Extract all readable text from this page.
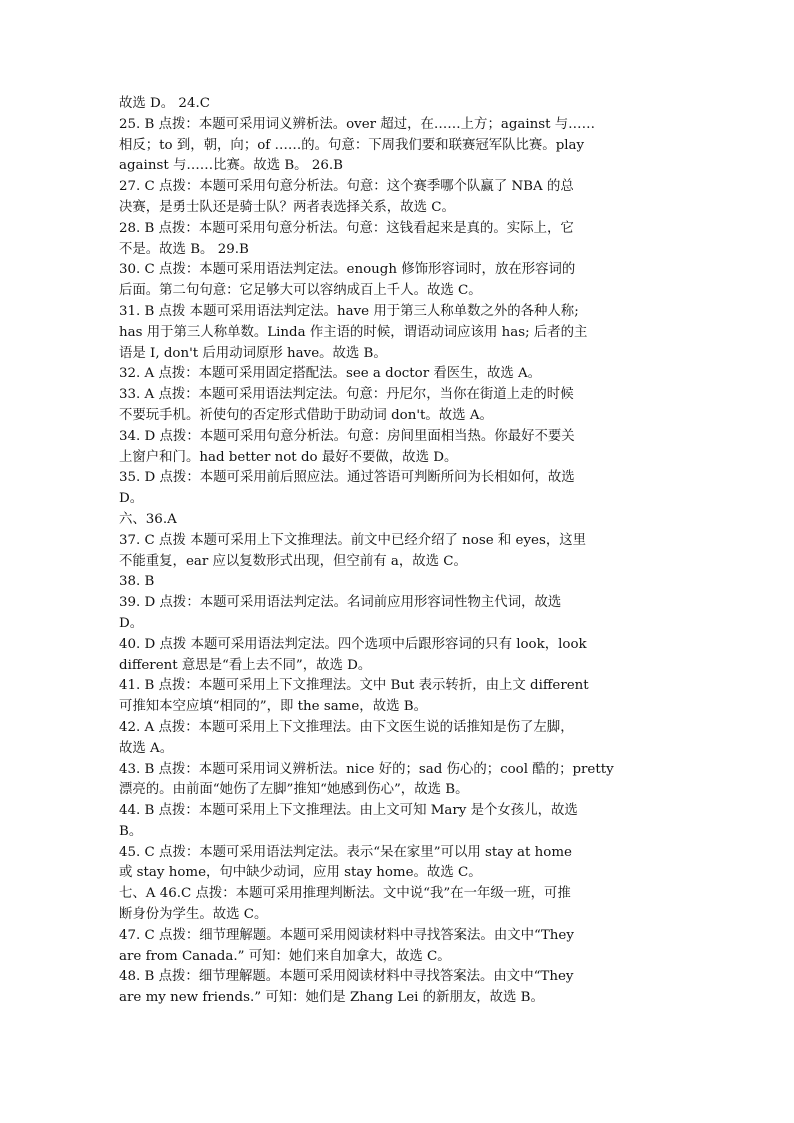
故选 D。 24.C
25. B 点拨：本题可采用词义辨析法。over 超过，在……上方；against 与……
相反；to 到，朝，向；of ……的。句意：下周我们要和联赛冠军队比赛。play
against 与……比赛。故选 B。 26.B
27. C 点拨：本题可采用句意分析法。句意：这个赛季哪个队赢了 NBA 的总
决赛，是勇士队还是骑士队？两者表选择关系，故选 C。
28. B 点拨：本题可采用句意分析法。句意：这钱看起来是真的。实际上，它
不是。故选 B。 29.B
30. C 点拨：本题可采用语法判定法。enough 修饰形容词时，放在形容词的
后面。第二句句意：它足够大可以容纳成百上千人。故选 C。
31. B 点拨 本题可采用语法判定法。have 用于第三人称单数之外的各种人称;
has 用于第三人称单数。Linda 作主语的时候，谓语动词应该用 has; 后者的主
语是 I, don't 后用动词原形 have。故选 B。
32. A 点拨：本题可采用固定搭配法。see a doctor 看医生，故选 A。
33. A 点拨：本题可采用语法判定法。句意：丹尼尔，当你在街道上走的时候
不要玩手机。祈使句的否定形式借助于助动词 don't。故选 A。
34. D 点拨：本题可采用句意分析法。句意：房间里面相当热。你最好不要关
上窗户和门。had better not do 最好不要做，故选 D。
35. D 点拨：本题可采用前后照应法。通过答语可判断所问为长相如何，故选
D。
六、36.A
37. C 点拨 本题可采用上下文推理法。前文中已经介绍了 nose 和 eyes，这里
不能重复，ear 应以复数形式出现，但空前有 a，故选 C。
38. B
39. D 点拨：本题可采用语法判定法。名词前应用形容词性物主代词，故选
D。
40. D 点拨 本题可采用语法判定法。四个选项中后跟形容词的只有 look，look
different 意思是“看上去不同”，故选 D。
41. B 点拨：本题可采用上下文推理法。文中 But 表示转折，由上文 different
可推知本空应填“相同的”，即 the same，故选 B。
42. A 点拨：本题可采用上下文推理法。由下文医生说的话推知是伤了左脚，
故选 A。
43. B 点拨：本题可采用词义辨析法。nice 好的；sad 伤心的；cool 酷的；pretty
漂亮的。由前面“她伤了左脚”推知“她感到伤心”，故选 B。
44. B 点拨：本题可采用上下文推理法。由上文可知 Mary 是个女孩儿，故选
B。
45. C 点拨：本题可采用语法判定法。表示“呆在家里”可以用 stay at home
或 stay home，句中缺少动词，应用 stay home。故选 C。
七、A 46.C 点拨：本题可采用推理判断法。文中说“我”在一年级一班，可推
断身份为学生。故选 C。
47. C 点拨：细节理解题。本题可采用阅读材料中寻找答案法。由文中“They
are from Canada.” 可知：她们来自加拿大，故选 C。
48. B 点拨：细节理解题。本题可采用阅读材料中寻找答案法。由文中“They
are my new friends.” 可知：她们是 Zhang Lei 的新朋友，故选 B。
